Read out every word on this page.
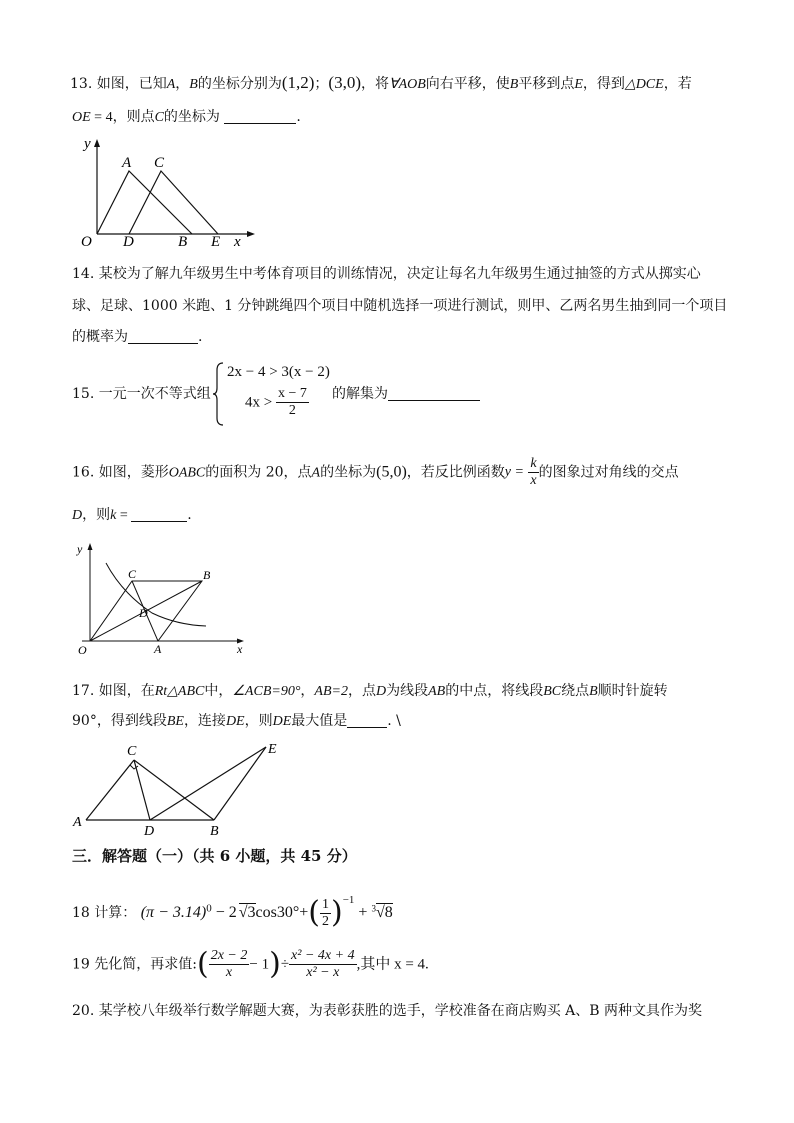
13. 如图，已知A，B的坐标分别为(1,2)；(3,0)，将∀AOB向右平移，使B平移到点E，得到△DCE，若
OE = 4，则点C的坐标为	.
y
A C
O D	B E x
14. 某校为了解九年级男生中考体育项目的训练情况，决定让每名九年级男生通过抽签的方式从掷实心
球、足球、1000 米跑、1 分钟跳绳四个项目中随机选择一项进行测试，则甲、乙两名男生抽到同一个项目
的概率为	.
15. 一元一次不等式组
2x − 4 > 3(x − 2)
$4x > \frac{x - 7}{2}$ 的解集为
16. 如图，菱形OABC的面积为 20，点A的坐标为(5,0)，若反比例函数$y = \frac{k}{x}$ 的图象过对角线的交点
D，则k =	.
y
C	B
D
O	A	x
17. 如图，在Rt△ABC中，∠ACB=90°，AB=2，点D为线段AB的中点，将线段BC绕点B顺时针旋转
90°，得到线段BE，连接DE，则DE最大值是	. \
C	E
A
D	B
三．解答题（一）（共 6 小题，共 45 分）
18 计算： $(\pi - 3.14)^0 - 2$ $√3\cos 30^\circ+( \frac{1}{2} )^{-1} + ^3√8$
19 先化简，再求值:( $\frac{2x - 2}{x} - 1)\div \frac{\text{x² − 4x + 4}}{\text{x² − x}}$ ,其中 x = 4.
20. 某学校八年级举行数学解题大赛，为表彰获胜的选手，学校准备在商店购买 A、B 两种文具作为奖
